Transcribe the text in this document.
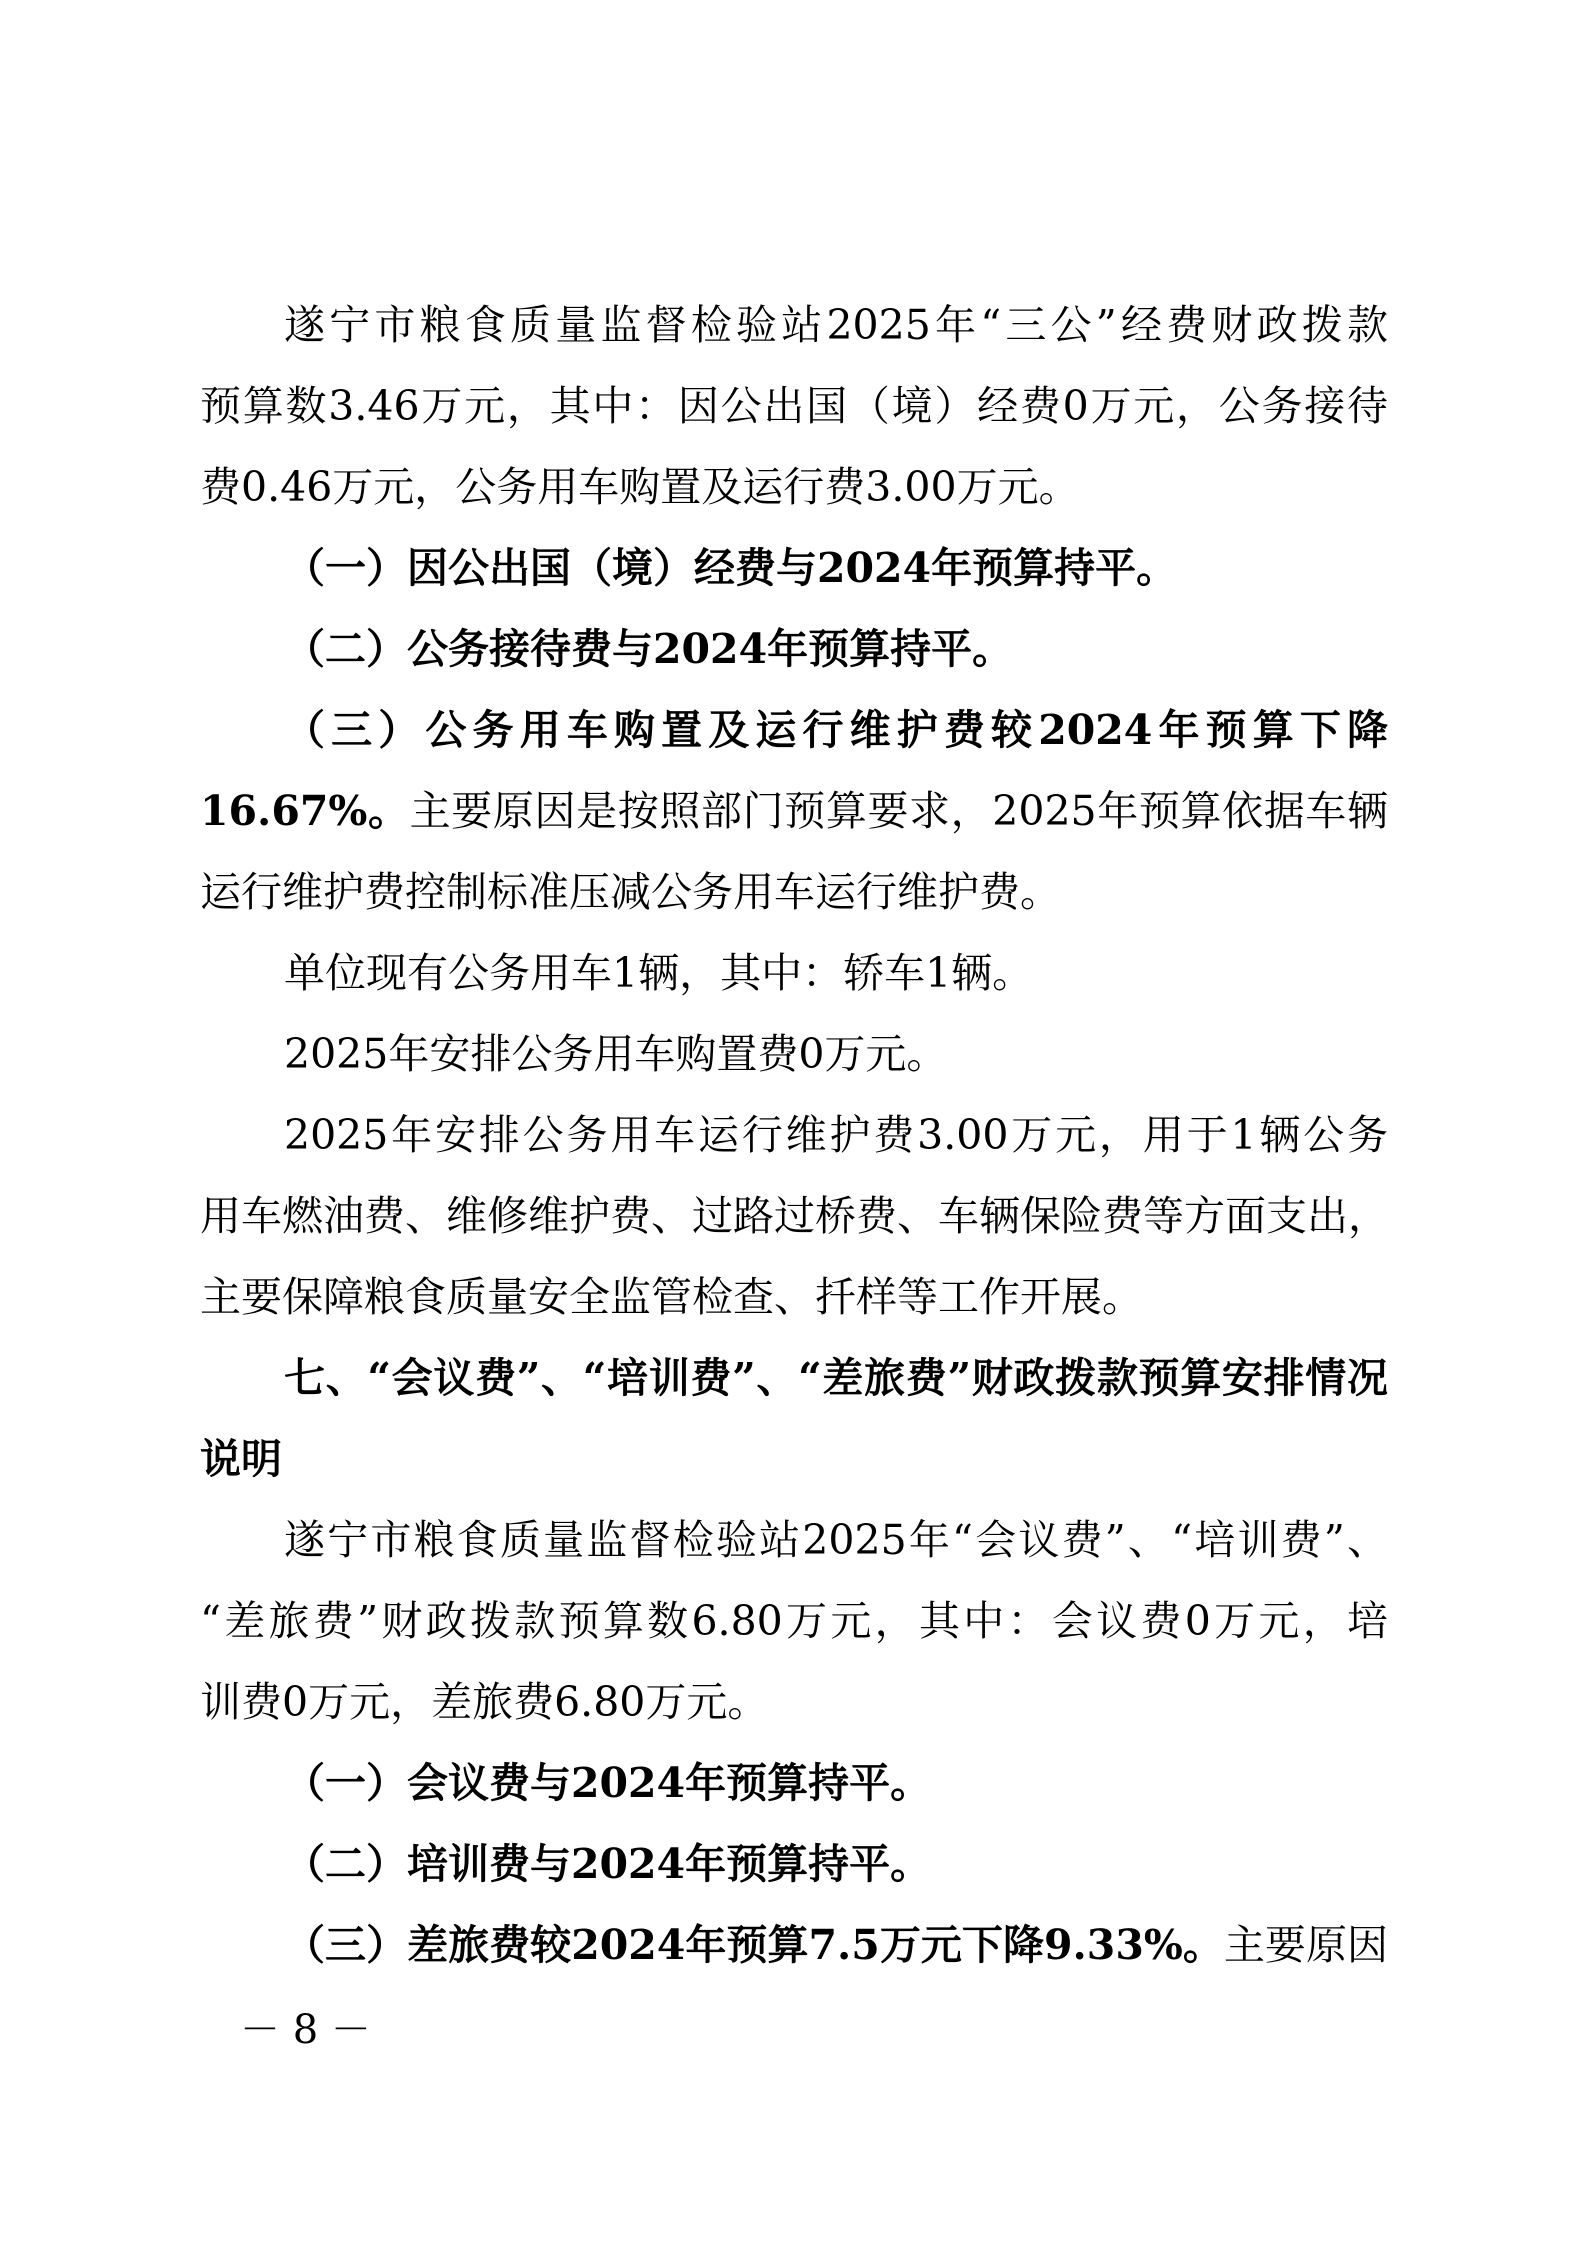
遂宁市粮食质量监督检验站2025年“三公”经费财政拨款
预算数3.46万元，其中：因公出国（境）经费0万元，公务接待
费0.46万元，公务用车购置及运行费3.00万元。
（一）因公出国（境）经费与2024年预算持平。
（二）公务接待费与2024年预算持平。
（三）公务用车购置及运行维护费较2024年预算下降
16.67%。主要原因是按照部门预算要求，2025年预算依据车辆
运行维护费控制标准压减公务用车运行维护费。
单位现有公务用车1辆，其中：轿车1辆。
2025年安排公务用车购置费0万元。
2025年安排公务用车运行维护费3.00万元，用于1辆公务
用车燃油费、维修维护费、过路过桥费、车辆保险费等方面支出，
主要保障粮食质量安全监管检查、扦样等工作开展。
七、“会议费”、“培训费”、“差旅费”财政拨款预算安排情况
说明
遂宁市粮食质量监督检验站2025年“会议费”、“培训费”、
“差旅费”财政拨款预算数6.80万元，其中：会议费0万元，培
训费0万元，差旅费6.80万元。
（一）会议费与2024年预算持平。
（二）培训费与2024年预算持平。
（三）差旅费较2024年预算7.5万元下降9.33%。主要原因
－ 8 －
